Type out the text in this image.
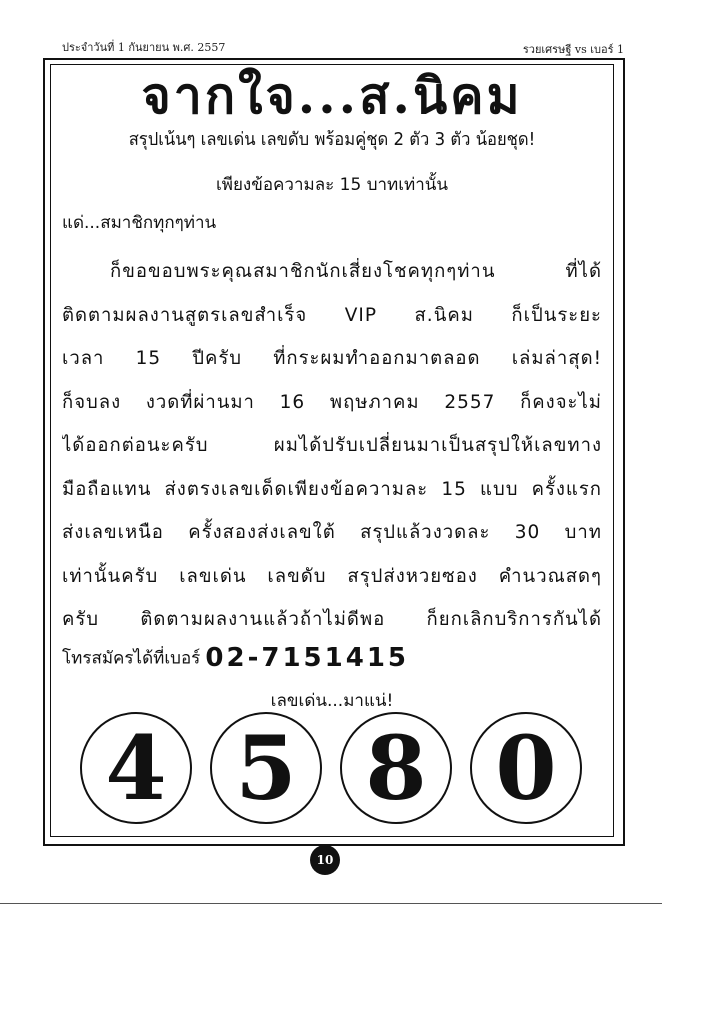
ประจำวันที่ 1 กันยายน พ.ศ. 2557	รวยเศรษฐี vs เบอร์ 1
จากใจ...ส.นิคม
สรุปเน้นๆ เลขเด่น เลขดับ พร้อมคู่ชุด 2 ตัว 3 ตัว น้อยชุด!
เพียงข้อความละ 15 บาทเท่านั้น
แด่...สมาชิกทุกๆท่าน
ก็ขอขอบพระคุณสมาชิกนักเสี่ยงโชคทุกๆท่าน ที่ได้
ติดตามผลงานสูตรเลขสำเร็จ VIP ส.นิคม ก็เป็นระยะ
เวลา 15 ปีครับ ที่กระผมทำออกมาตลอด เล่มล่าสุด!
ก็จบลง งวดที่ผ่านมา 16 พฤษภาคม 2557 ก็คงจะไม่
ได้ออกต่อนะครับ ผมได้ปรับเปลี่ยนมาเป็นสรุปให้เลขทาง
มือถือแทน ส่งตรงเลขเด็ดเพียงข้อความละ 15 แบบ ครั้งแรก
ส่งเลขเหนือ ครั้งสองส่งเลขใต้ สรุปแล้วงวดละ 30 บาท
เท่านั้นครับ เลขเด่น เลขดับ สรุปส่งหวยซอง คำนวณสดๆ
ครับ ติดตามผลงานแล้วถ้าไม่ดีพอ ก็ยกเลิกบริการกันได้
โทรสมัครได้ที่เบอร์ 02-7151415
เลขเด่น...มาแน่!
4 5 8 0
10
